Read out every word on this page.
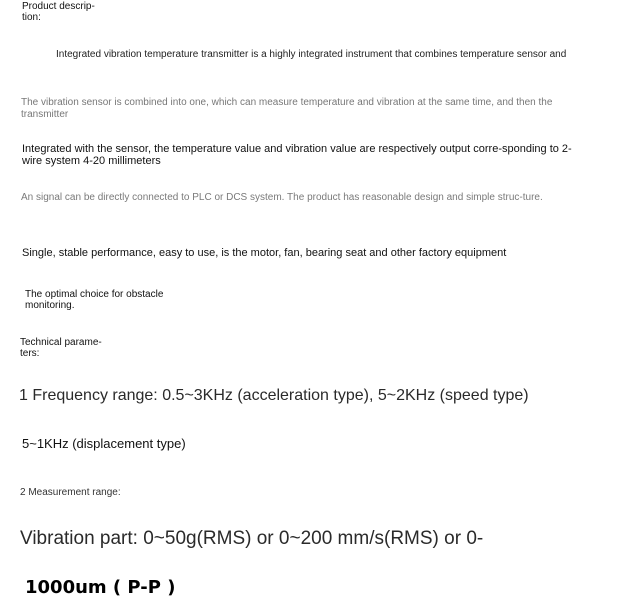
Product descrip-tion:

Integrated vibration temperature transmitter is a highly integrated instrument that combines temperature sensor and

The vibration sensor is combined into one, which can measure temperature and vibration at the same time, and then the transmitter

Integrated with the sensor, the temperature value and vibration value are respectively output corre-sponding to 2-wire system 4-20 millimeters

An signal can be directly connected to PLC or DCS system. The product has reasonable design and simple struc-ture.

Single, stable performance, easy to use, is the motor, fan, bearing seat and other factory equipment

The optimal choice for obstacle monitoring.

Technical parame-ters:

1 Frequency range: 0.5~3KHz (acceleration type), 5~2KHz (speed type)

5~1KHz (displacement type)

2 Measurement range:

Vibration part: 0~50g(RMS) or 0~200 mm/s(RMS) or 0-

1000um ( P-P )
